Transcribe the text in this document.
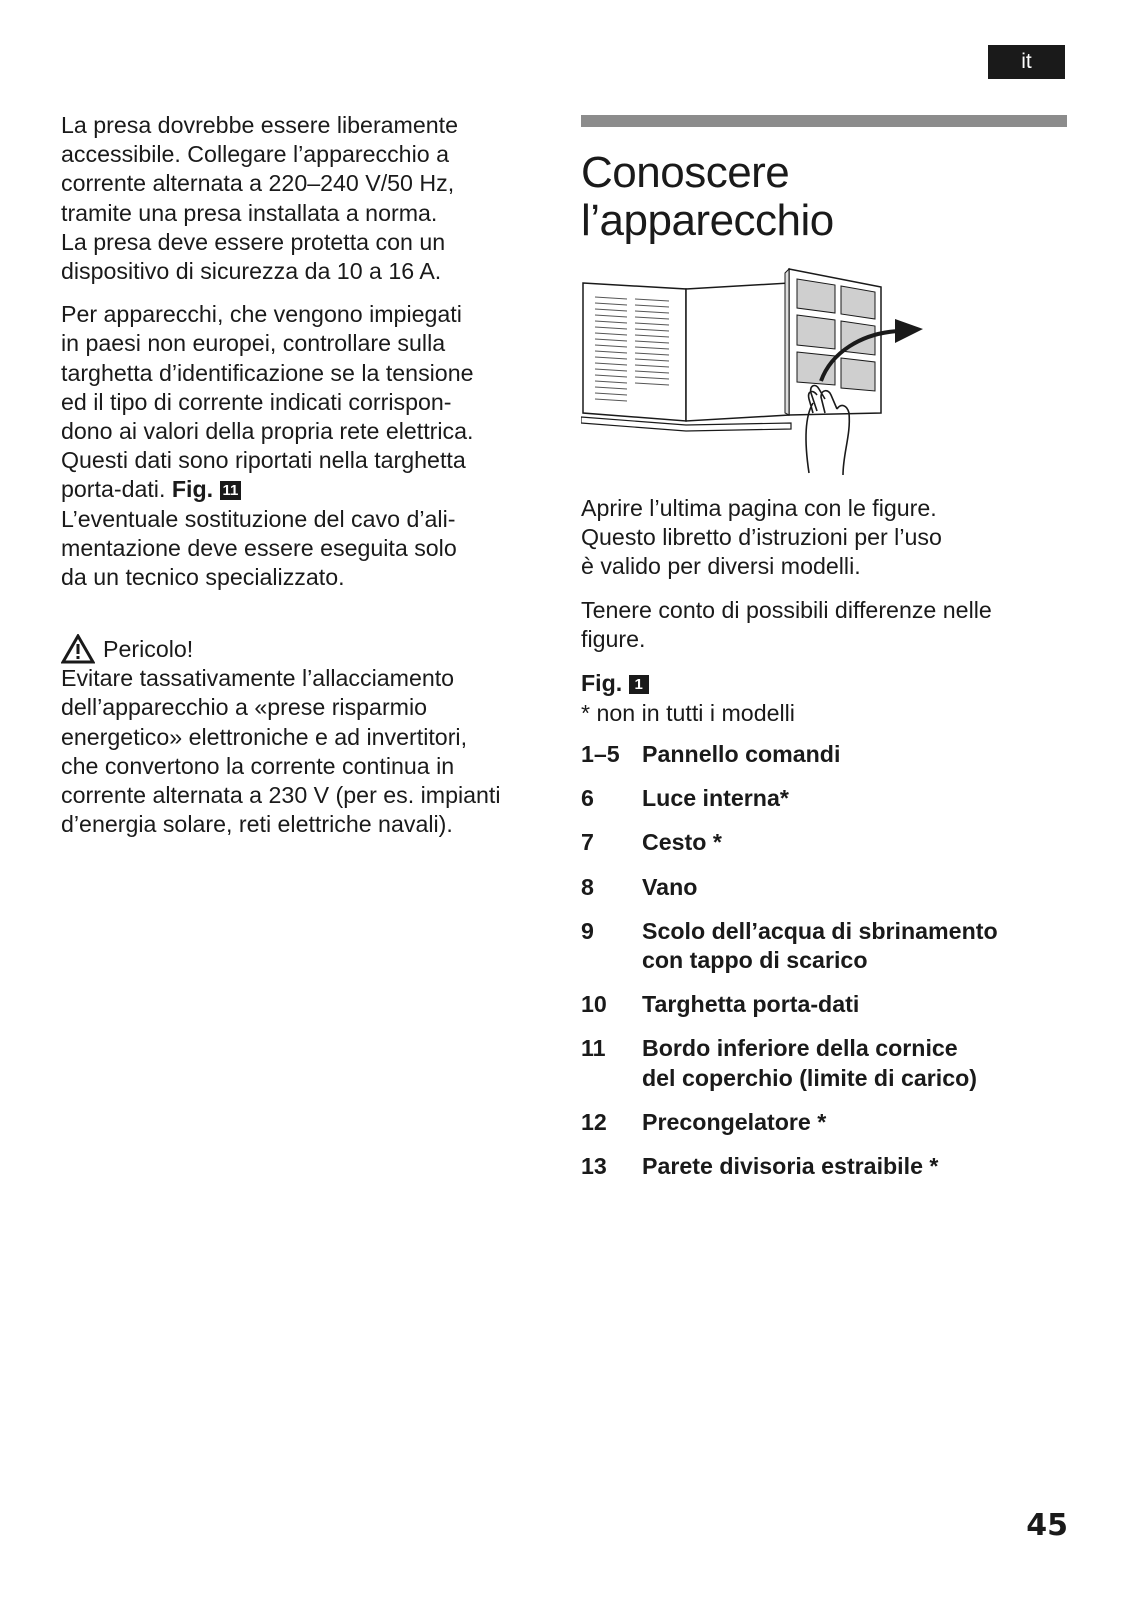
it

La presa dovrebbe essere liberamente

accessibile. Collegare l’apparecchio a

corrente alternata a 220–240 V/50 Hz,

tramite una presa installata a norma.

La presa deve essere protetta con un

dispositivo di sicurezza da 10 a 16 A.

Per apparecchi, che vengono impiegati

in paesi non europei, controllare sulla

targhetta d’identificazione se la tensione

ed il tipo di corrente indicati corrispon-

dono ai valori della propria rete elettrica.

Questi dati sono riportati nella targhetta

porta-dati. Fig. 11

L’eventuale sostituzione del cavo d’ali-

mentazione deve essere eseguita solo

da un tecnico specializzato.

Pericolo!

Evitare tassativamente l’allacciamento

dell’apparecchio a «prese risparmio

energetico» elettroniche e ad invertitori,

che convertono la corrente continua in

corrente alternata a 230 V (per es. impianti

d’energia solare, reti elettriche navali).

Conoscere
l’apparecchio

Aprire l’ultima pagina con le figure.

Questo libretto d’istruzioni per l’uso

è valido per diversi modelli.

Tenere conto di possibili differenze nelle

figure.

Fig. 1
* non in tutti i modelli
1–5 Pannello comandi
6	Luce interna*
7	Cesto *
8	Vano
9	Scolo dell’acqua di sbrinamento
con tappo di scarico
10	Targhetta porta-dati
11	Bordo inferiore della cornice
del coperchio (limite di carico)
12	Precongelatore *
13	Parete divisoria estraibile *
45
